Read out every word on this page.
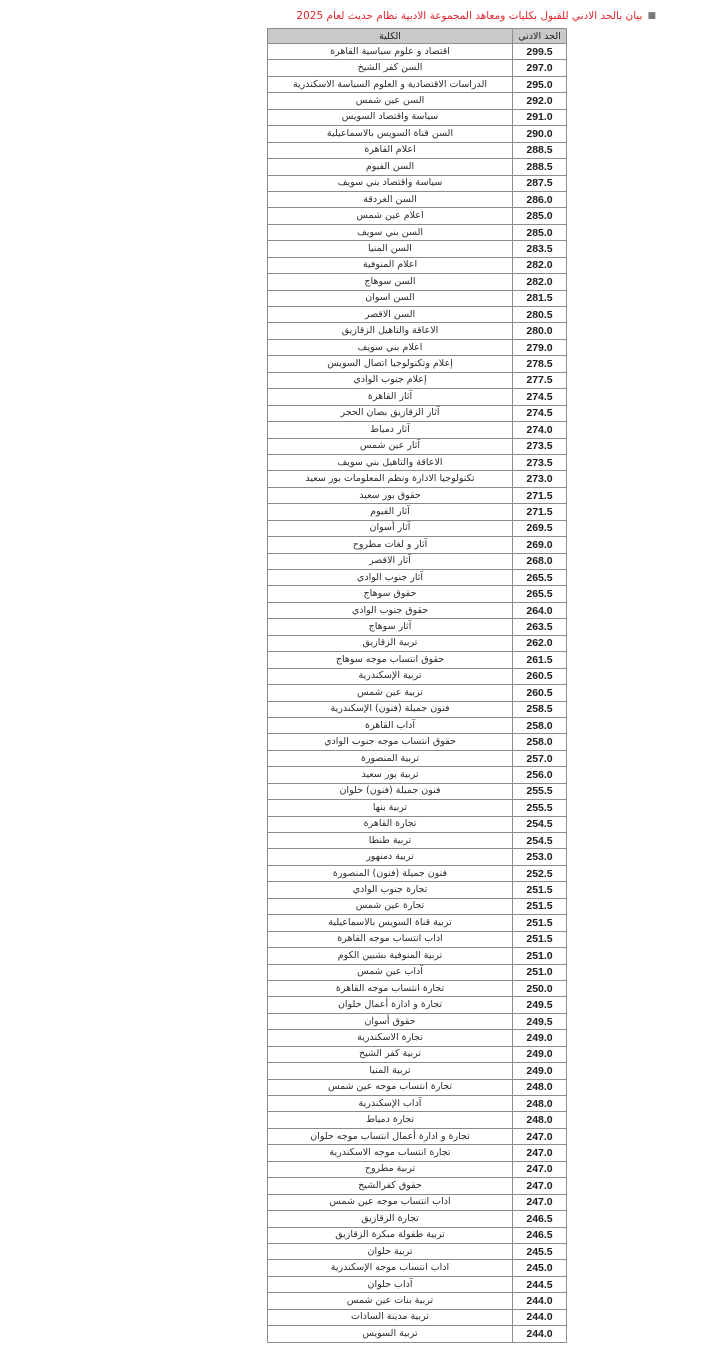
■بيان بالحد الادني للقبول بكليات ومعاهد المجموعة الادبية نظام حديث لعام 2025
الكلية	الحد الادني
اقتصاد و علوم سياسية القاهرة	299.5
السن كفر الشيخ	297.0
الدراسات الاقتصادية و العلوم السياسة الاسكندرية	295.0
السن عين شمس	292.0
سياسة واقتصاد السويس	291.0
السن قناة السويس بالاسماعيلية	290.0
اعلام القاهرة	288.5
السن الفيوم	288.5
سياسة واقتصاد بني سويف	287.5
السن الغردقة	286.0
اعلام عين شمس	285.0
السن بني سويف	285.0
السن المنيا	283.5
اعلام المنوفية	282.0
السن سوهاج	282.0
السن اسوان	281.5
السن الاقصر	280.5
الاعاقة والتاهيل الزقازيق	280.0
اعلام بني سويف	279.0
إعلام وتكنولوجيا اتصال السويس	278.5
إعلام جنوب الوادي	277.5
آثار القاهرة	274.5
آثار الزقازيق بصان الحجر	274.5
آثار دمياط	274.0
آثار عين شمس	273.5
الاعاقة والتاهيل بني سويف	273.5
تكنولوجيا الادارة ونظم المعلومات بور سعيد	273.0
حقوق بور سعيد	271.5
آثار الفيوم	271.5
آثار أسوان	269.5
آثار و لغات مطروح	269.0
آثار الاقصر	268.0
آثار جنوب الوادي	265.5
حقوق سوهاج	265.5
حقوق جنوب الوادي	264.0
آثار سوهاج	263.5
تربية الزقازيق	262.0
حقوق انتساب موجه سوهاج	261.5
تربية الإسكندرية	260.5
تربية عين شمس	260.5
فنون جميلة (فنون) الإسكندرية	258.5
آداب القاهرة	258.0
حقوق انتساب موجه جنوب الوادي	258.0
تربية المنصورة	257.0
تربية بور سعيد	256.0
فنون جميلة (فنون) حلوان	255.5
تربية بنها	255.5
تجارة القاهرة	254.5
تربية طنطا	254.5
تربية دمنهور	253.0
فنون جميلة (فنون) المنصورة	252.5
تجارة جنوب الوادي	251.5
تجارة عين شمس	251.5
تربية قناة السويس بالاسماعيلية	251.5
اداب انتساب موجه القاهرة	251.5
تربية المنوفية بشبين الكوم	251.0
آداب عين شمس	251.0
تجارة انتساب موجه القاهرة	250.0
تجارة و ادارة أعمال حلوان	249.5
حقوق أسوان	249.5
تجارة الاسكندرية	249.0
تربية كفر الشيخ	249.0
تربية المنيا	249.0
تجارة انتساب موجه عين شمس	248.0
آداب الإسكندرية	248.0
تجارة دمياط	248.0
تجارة و ادارة أعمال انتساب موجه حلوان	247.0
تجارة انتساب موجه الاسكندرية	247.0
تربية مطروح	247.0
حقوق كفرالشيخ	247.0
اداب انتساب موجه عين شمس	247.0
تجارة الزقازيق	246.5
تربية طفولة مبكرة الزقازيق	246.5
تربية حلوان	245.5
اداب انتساب موجه الإسكندرية	245.0
آداب حلوان	244.5
تربية بنات عين شمس	244.0
تربية مدينة السادات	244.0
تربية السويس	244.0
